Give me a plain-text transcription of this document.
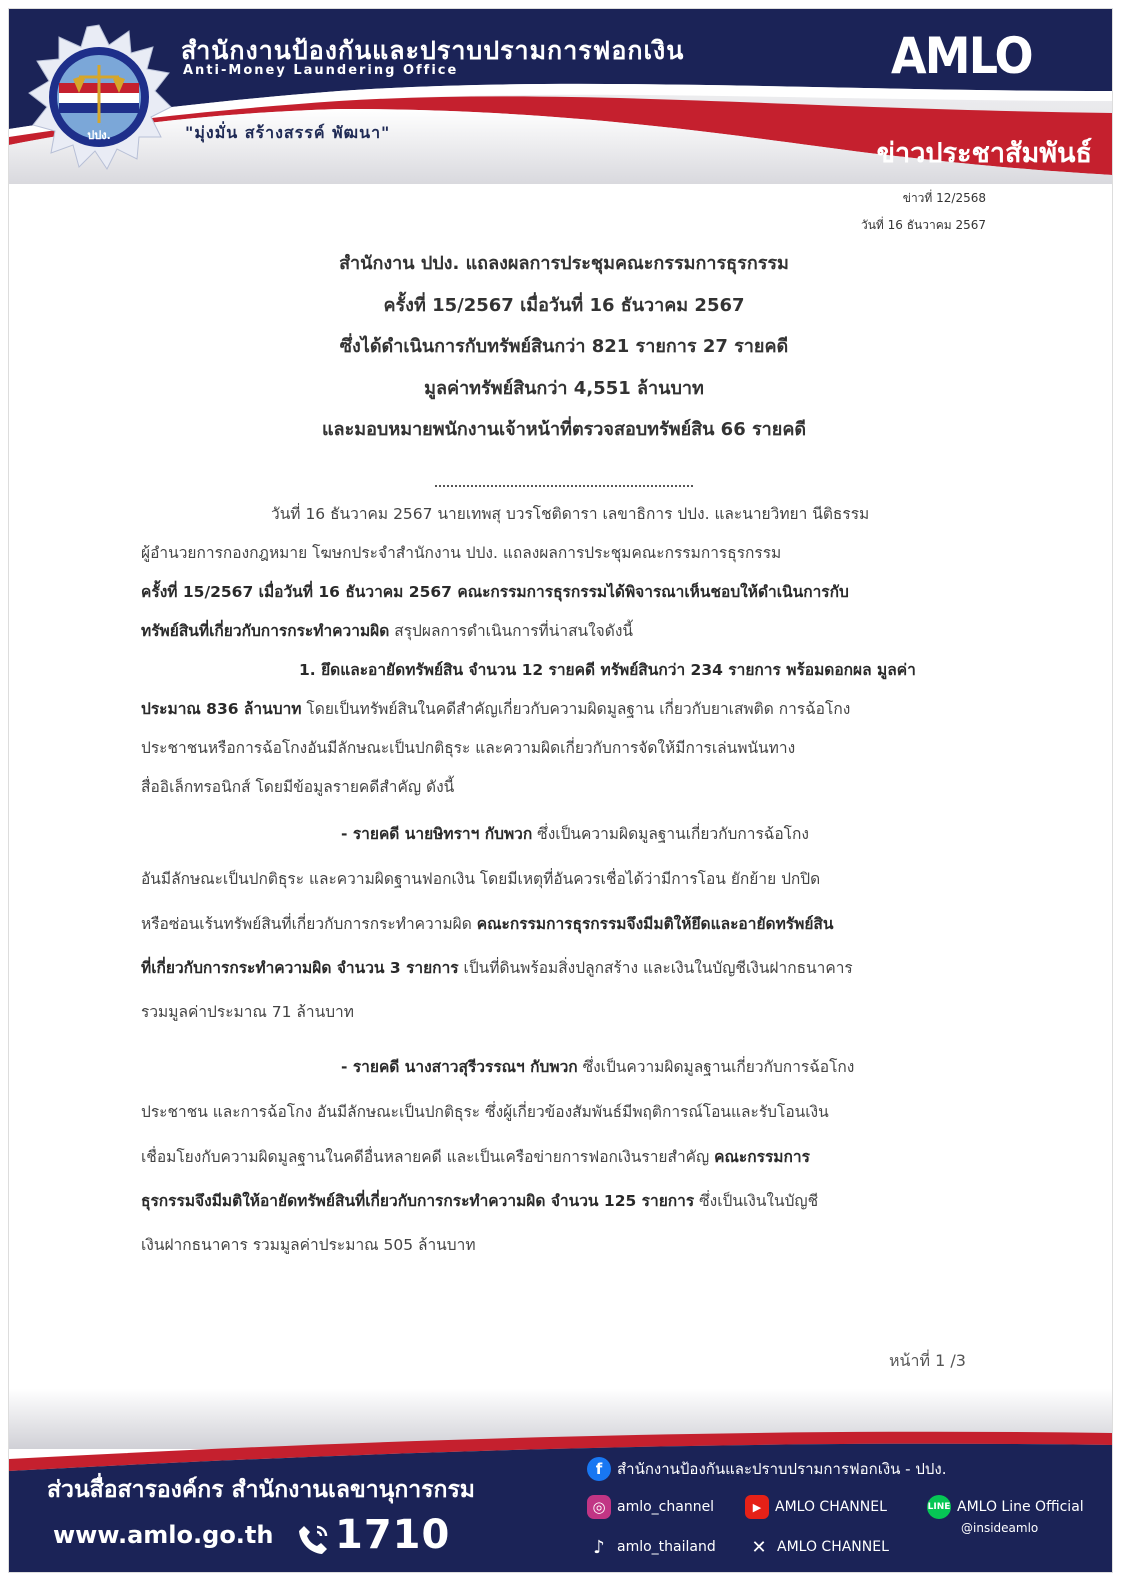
ปปง.
สำนักงานป้องกันและปราบปรามการฟอกเงิน
Anti-Money Laundering Office	AMLO
"มุ่งมั่น สร้างสรรค์ พัฒนา"
ข่าวประชาสัมพันธ์
ข่าวที่ 12/2568
วันที่ 16 ธันวาคม 2567
สำนักงาน ปปง. แถลงผลการประชุมคณะกรรมการธุรกรรม
ครั้งที่ 15/2567 เมื่อวันที่ 16 ธันวาคม 2567
ซึ่งได้ดำเนินการกับทรัพย์สินกว่า 821 รายการ 27 รายคดี
มูลค่าทรัพย์สินกว่า 4,551 ล้านบาท
และมอบหมายพนักงานเจ้าหน้าที่ตรวจสอบทรัพย์สิน 66 รายคดี
วันที่ 16 ธันวาคม 2567 นายเทพสุ บวรโชติดารา เลขาธิการ ปปง. และนายวิทยา นีติธรรม
ผู้อำนวยการกองกฎหมาย โฆษกประจำสำนักงาน ปปง. แถลงผลการประชุมคณะกรรมการธุรกรรม
ครั้งที่ 15/2567 เมื่อวันที่ 16 ธันวาคม 2567 คณะกรรมการธุรกรรมได้พิจารณาเห็นชอบให้ดำเนินการกับ
ทรัพย์สินที่เกี่ยวกับการกระทำความผิด สรุปผลการดำเนินการที่น่าสนใจดังนี้
1. ยึดและอายัดทรัพย์สิน จำนวน 12 รายคดี ทรัพย์สินกว่า 234 รายการ พร้อมดอกผล มูลค่า
ประมาณ 836 ล้านบาท โดยเป็นทรัพย์สินในคดีสำคัญเกี่ยวกับความผิดมูลฐาน เกี่ยวกับยาเสพติด การฉ้อโกง
ประชาชนหรือการฉ้อโกงอันมีลักษณะเป็นปกติธุระ และความผิดเกี่ยวกับการจัดให้มีการเล่นพนันทาง
สื่ออิเล็กทรอนิกส์ โดยมีข้อมูลรายคดีสำคัญ ดังนี้
- รายคดี นายษิทราฯ กับพวก ซึ่งเป็นความผิดมูลฐานเกี่ยวกับการฉ้อโกง
อันมีลักษณะเป็นปกติธุระ และความผิดฐานฟอกเงิน โดยมีเหตุที่อันควรเชื่อได้ว่ามีการโอน ยักย้าย ปกปิด
หรือซ่อนเร้นทรัพย์สินที่เกี่ยวกับการกระทำความผิด คณะกรรมการธุรกรรมจึงมีมติให้ยึดและอายัดทรัพย์สิน
ที่เกี่ยวกับการกระทำความผิด จำนวน 3 รายการ เป็นที่ดินพร้อมสิ่งปลูกสร้าง และเงินในบัญชีเงินฝากธนาคาร
รวมมูลค่าประมาณ 71 ล้านบาท
- รายคดี นางสาวสุรีวรรณฯ กับพวก ซึ่งเป็นความผิดมูลฐานเกี่ยวกับการฉ้อโกง
ประชาชน และการฉ้อโกง อันมีลักษณะเป็นปกติธุระ ซึ่งผู้เกี่ยวข้องสัมพันธ์มีพฤติการณ์โอนและรับโอนเงิน
เชื่อมโยงกับความผิดมูลฐานในคดีอื่นหลายคดี และเป็นเครือข่ายการฟอกเงินรายสำคัญ คณะกรรมการ
ธุรกรรมจึงมีมติให้อายัดทรัพย์สินที่เกี่ยวกับการกระทำความผิด จำนวน 125 รายการ ซึ่งเป็นเงินในบัญชี
เงินฝากธนาคาร รวมมูลค่าประมาณ 505 ล้านบาท
หน้าที่ 1 /3
ส่วนสื่อสารองค์กร สำนักงานเลขานุการกรม
www.amlo.go.th 1710
f สำนักงานป้องกันและปราบปรามการฟอกเงิน - ปปง.
◎ amlo_channel	▶ AMLO CHANNEL	LINE AMLO Line Official
@insideamlo
♪ amlo_thailand ✕ AMLO CHANNEL
